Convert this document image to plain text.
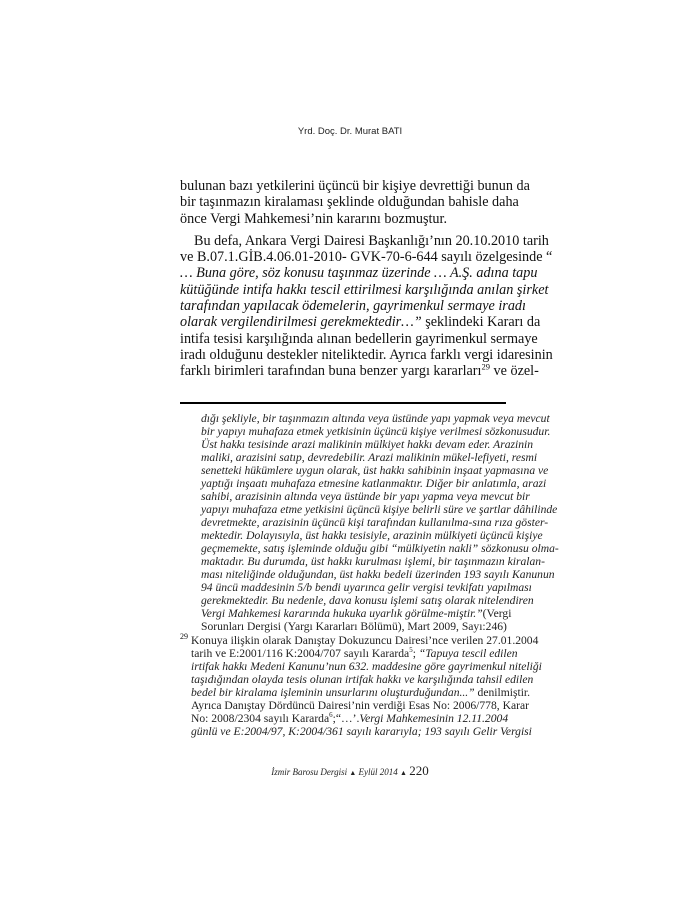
Yrd. Doç. Dr. Murat BATI
bulunan bazı yetkilerini üçüncü bir kişiye devrettiği bunun da
bir taşınmazın kiralaması şeklinde olduğundan bahisle daha
önce Vergi Mahkemesi’nin kararını bozmuştur.
Bu defa, Ankara Vergi Dairesi Başkanlığı’nın 20.10.2010 tarih
ve B.07.1.GİB.4.06.01-2010- GVK-70-6-644 sayılı özelgesinde “
… Buna göre, söz konusu taşınmaz üzerinde … A.Ş. adına tapu
kütüğünde intifa hakkı tescil ettirilmesi karşılığında anılan şirket
tarafından yapılacak ödemelerin, gayrimenkul sermaye iradı
olarak vergilendirilmesi gerekmektedir…” şeklindeki Kararı da
intifa tesisi karşılığında alınan bedellerin gayrimenkul sermaye
iradı olduğunu destekler niteliktedir. Ayrıca farklı vergi idaresinin
farklı birimleri tarafından buna benzer yargı kararları$^{29}$ ve özel-
dığı şekliyle, bir taşınmazın altında veya üstünde yapı yapmak veya mevcut
bir yapıyı muhafaza etmek yetkisinin üçüncü kişiye verilmesi sözkonusudur.
Üst hakkı tesisinde arazi malikinin mülkiyet hakkı devam eder. Arazinin
maliki, arazisini satıp, devredebilir. Arazi malikinin mükel-lefiyeti, resmi
senetteki hükümlere uygun olarak, üst hakkı sahibinin inşaat yapmasına ve
yaptığı inşaatı muhafaza etmesine katlanmaktır. Diğer bir anlatımla, arazi
sahibi, arazisinin altında veya üstünde bir yapı yapma veya mevcut bir
yapıyı muhafaza etme yetkisini üçüncü kişiye belirli süre ve şartlar dâhilinde
devretmekte, arazisinin üçüncü kişi tarafından kullanılma-sına rıza göster-
mektedir. Dolayısıyla, üst hakkı tesisiyle, arazinin mülkiyeti üçüncü kişiye
geçmemekte, satış işleminde olduğu gibi “mülkiyetin nakli” sözkonusu olma-
maktadır. Bu durumda, üst hakkı kurulması işlemi, bir taşınmazın kiralan-
ması niteliğinde olduğundan, üst hakkı bedeli üzerinden 193 sayılı Kanunun
94 üncü maddesinin 5/b bendi uyarınca gelir vergisi tevkifatı yapılması
gerekmektedir. Bu nedenle, dava konusu işlemi satış olarak nitelendiren
Vergi Mahkemesi kararında hukuka uyarlık görülme-miştir.”(Vergi
Sorunları Dergisi (Yargı Kararları Bölümü), Mart 2009, Sayı:246)
29 Konuya ilişkin olarak Danıştay Dokuzuncu Dairesi’nce verilen 27.01.2004
tarih ve E:2001/116 K:2004/707 sayılı Kararda$^5$; “Tapuya tescil edilen
irtifak hakkı Medeni Kanunu’nun 632. maddesine göre gayrimenkul niteliği
taşıdığından olayda tesis olunan irtifak hakkı ve karşılığında tahsil edilen
bedel bir kiralama işleminin unsurlarını oluşturduğundan...” denilmiştir.
Ayrıca Danıştay Dördüncü Dairesi’nin verdiği Esas No: 2006/778, Karar
No: 2008/2304 sayılı Kararda$^6$;“…’.Vergi Mahkemesinin 12.11.2004
günlü ve E:2004/97, K:2004/361 sayılı kararıyla; 193 sayılı Gelir Vergisi
İzmir Barosu Dergisi ▲ Eylül 2014 ▲ 220
